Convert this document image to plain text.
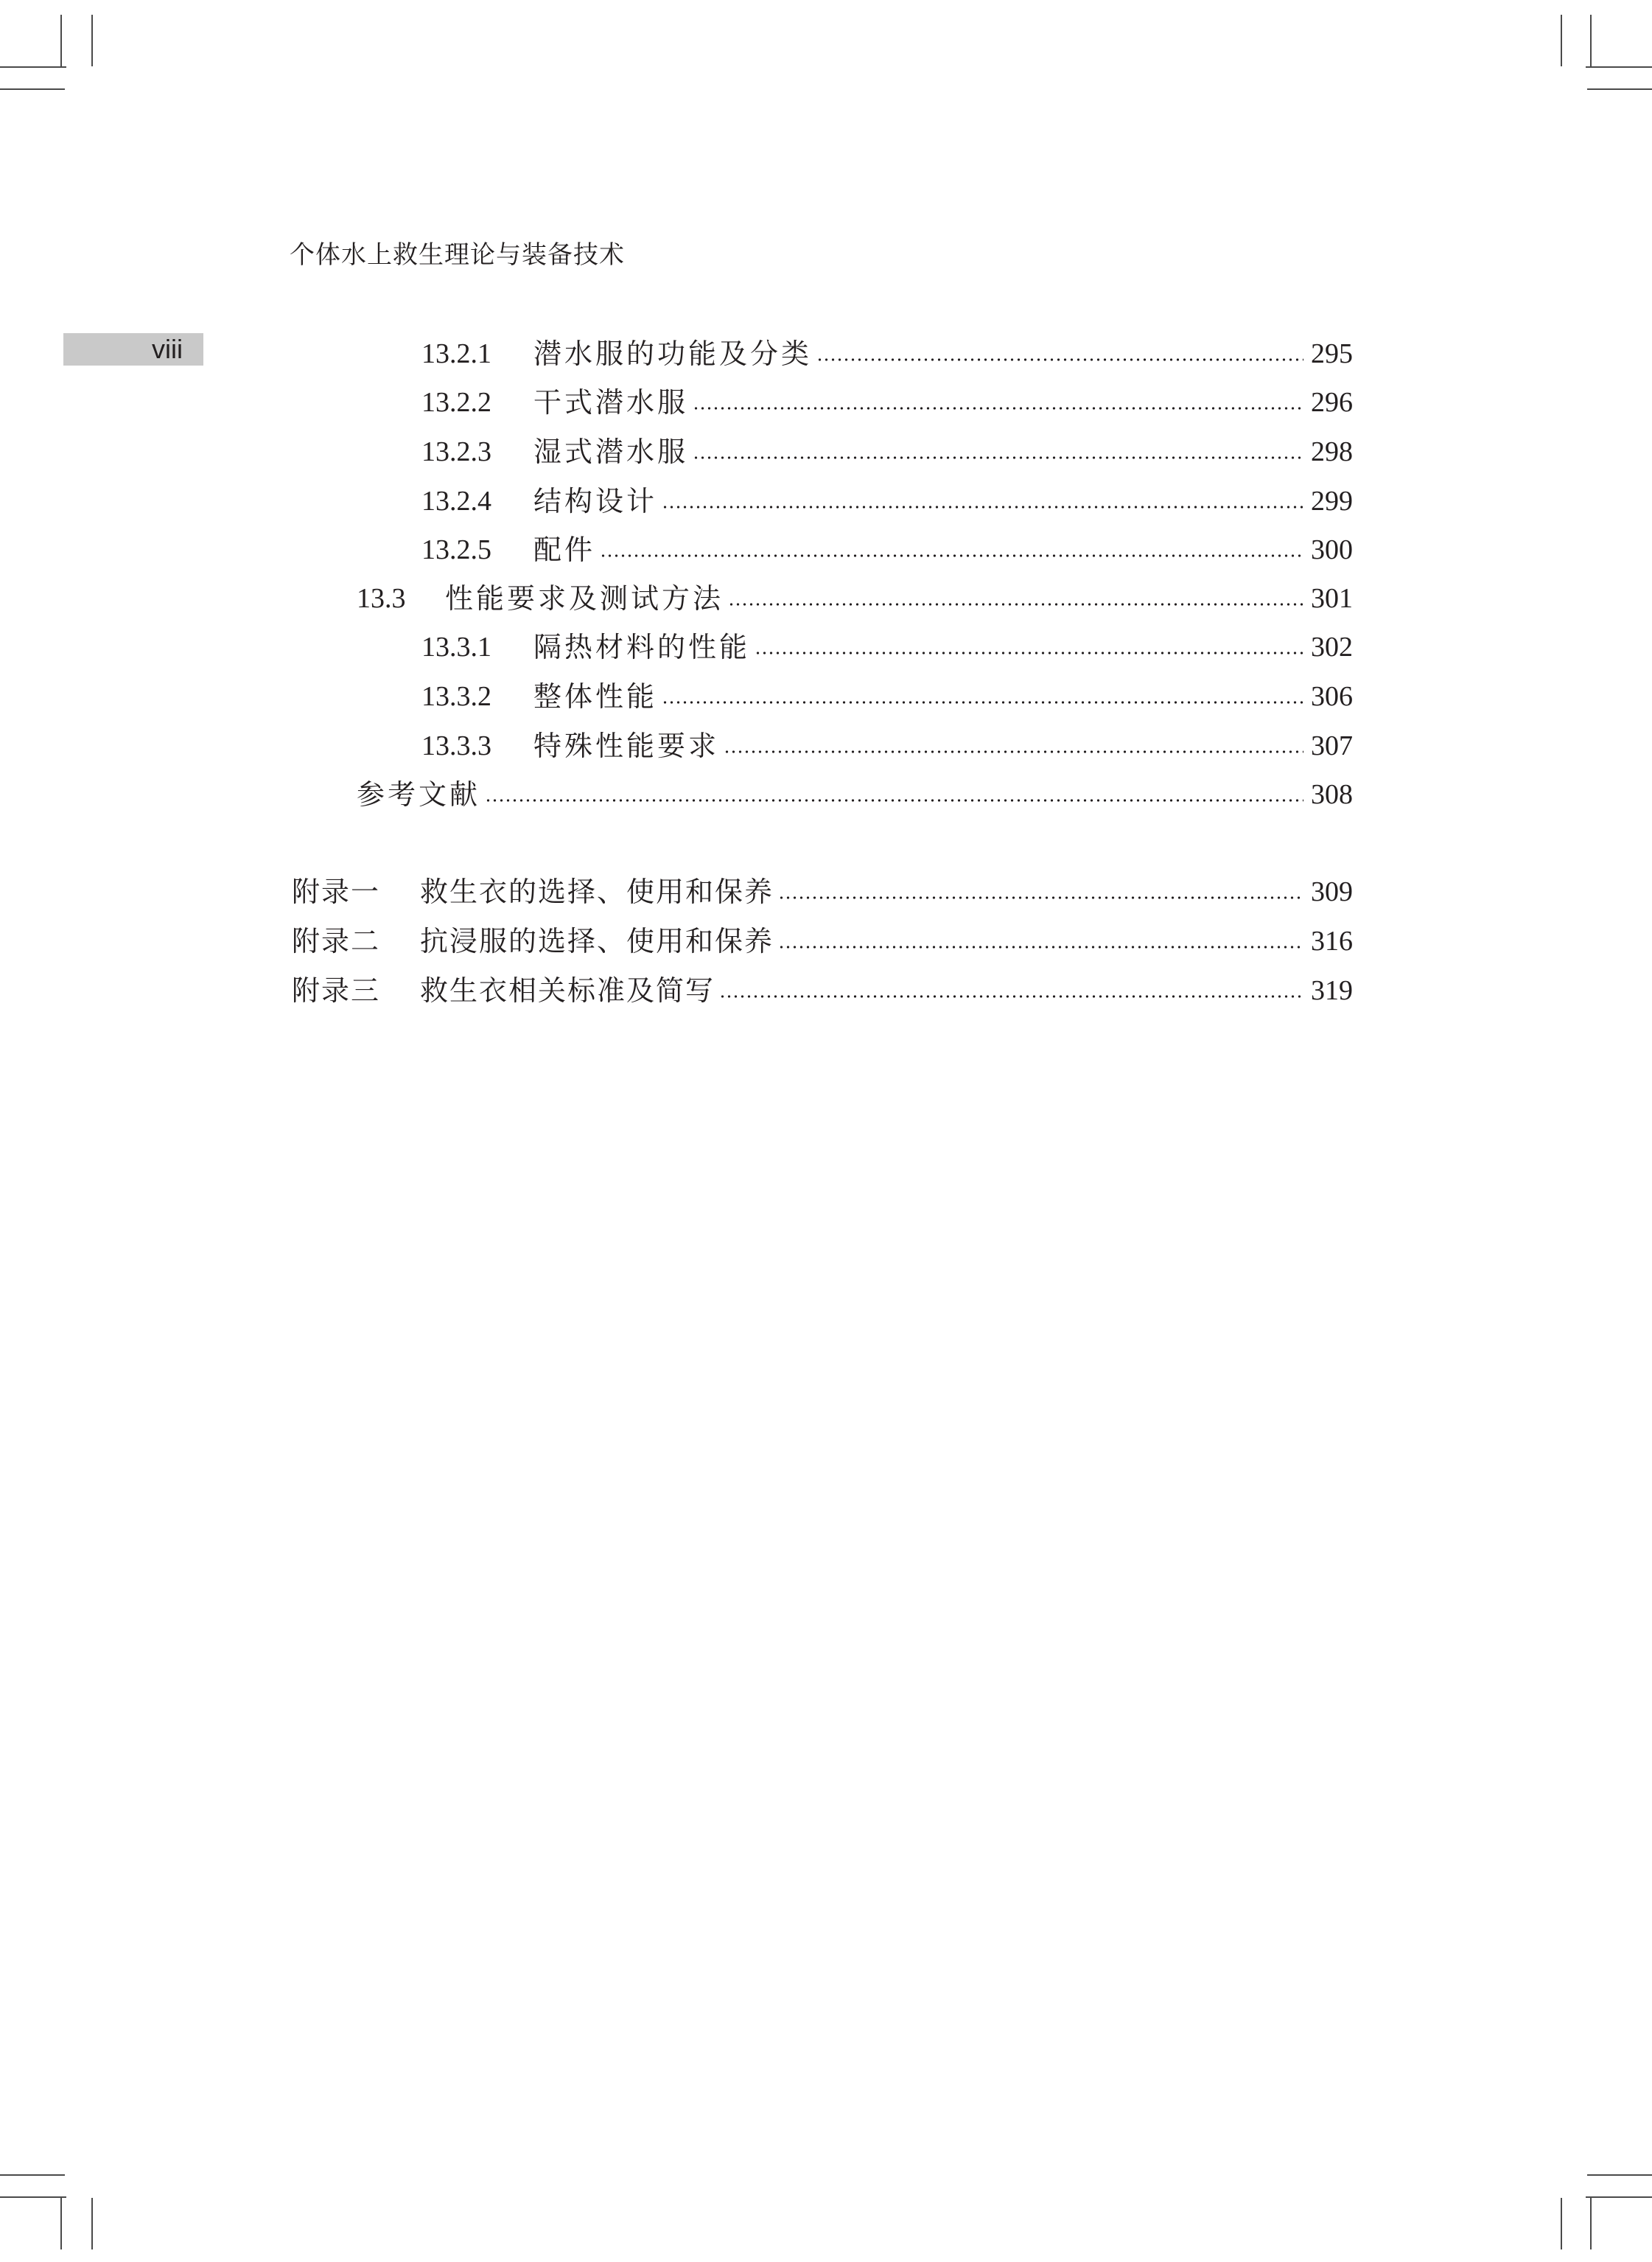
个体水上救生理论与装备技术
viii	13.2.1	潜水服的功能及分类	295
13.2.2	干式潜水服	296
13.2.3	湿式潜水服	298
13.2.4	结构设计	299
13.2.5	配件	300
13.3	性能要求及测试方法	301
13.3.1	隔热材料的性能	302
13.3.2	整体性能	306
13.3.3	特殊性能要求	307
参考文献	308
附录一	救生衣的选择、使用和保养	309
附录二	抗浸服的选择、使用和保养	316
附录三	救生衣相关标准及简写	319
